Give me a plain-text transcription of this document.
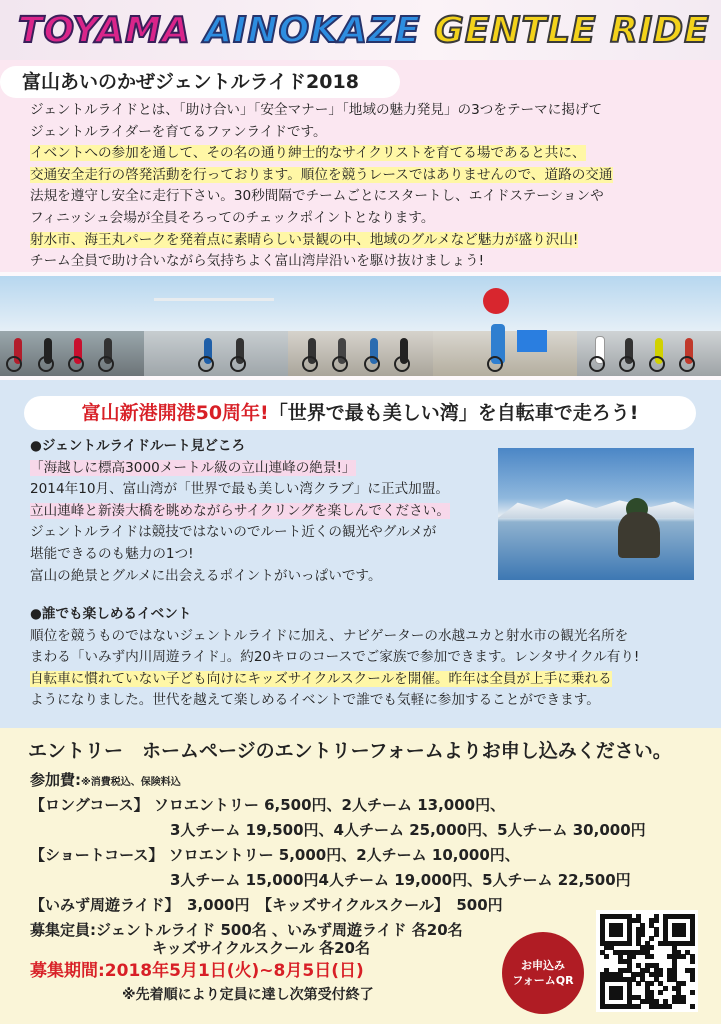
TOYAMA AINOKAZE GENTLE RIDE
富山あいのかぜジェントルライド2018
ジェントルライドとは、「助け合い」「安全マナー」「地域の魅力発見」の3つをテーマに掲げて
ジェントルライダーを育てるファンライドです。
イベントへの参加を通して、その名の通り紳士的なサイクリストを育てる場であると共に、
交通安全走行の啓発活動を行っております。順位を競うレースではありませんので、道路の交通
法規を遵守し安全に走行下さい。30秒間隔でチームごとにスタートし、エイドステーションや
フィニッシュ会場が全員そろってのチェックポイントとなります。
射水市、海王丸パークを発着点に素晴らしい景観の中、地域のグルメなど魅力が盛り沢山!
チーム全員で助け合いながら気持ちよく富山湾岸沿いを駆け抜けましょう!
富山新港開港50周年!「世界で最も美しい湾」を自転車で走ろう!
●ジェントルライドルート見どころ
「海越しに標高3000メートル級の立山連峰の絶景!」
2014年10月、富山湾が「世界で最も美しい湾クラブ」に正式加盟。
立山連峰と新湊大橋を眺めながらサイクリングを楽しんでください。
ジェントルライドは競技ではないのでルート近くの観光やグルメが
堪能できるのも魅力の1つ!
富山の絶景とグルメに出会えるポイントがいっぱいです。
●誰でも楽しめるイベント
順位を競うものではないジェントルライドに加え、ナビゲーターの水越ユカと射水市の観光名所を
まわる「いみず内川周遊ライド」。約20キロのコースでご家族で参加できます。レンタサイクル有り!
自転車に慣れていない子ども向けにキッズサイクルスクールを開催。昨年は全員が上手に乗れる
ようになりました。世代を越えて楽しめるイベントで誰でも気軽に参加することができます。
エントリー　ホームページのエントリーフォームよりお申し込みください。
参加費:※消費税込、保険料込
【ロングコース】 ソロエントリー 6,500円、2人チーム 13,000円、
3人チーム 19,500円、4人チーム 25,000円、5人チーム 30,000円
【ショートコース】 ソロエントリー 5,000円、2人チーム 10,000円、
3人チーム 15,000円4人チーム 19,000円、5人チーム 22,500円
【いみず周遊ライド】　3,000円　【キッズサイクルスクール】　500円
募集定員:ジェントルライド 500名 、いみず周遊ライド 各20名
キッズサイクルスクール 各20名
募集期間:2018年5月1日(火)~8月5日(日)
※先着順により定員に達し次第受付終了
お申込み
フォームQR
